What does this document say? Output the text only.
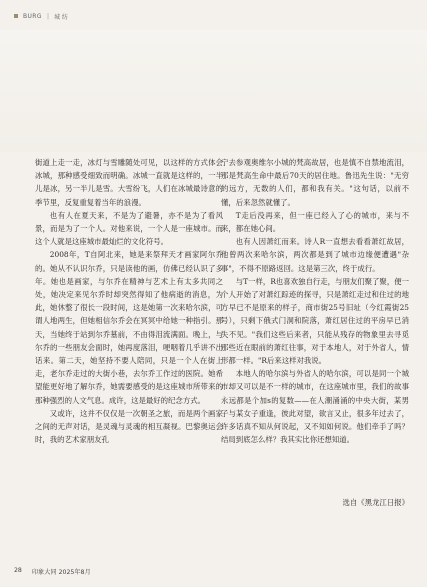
BURG | 城 纺

街道上走一走，冰灯与雪雕随处可见，以这样的方式体会冰城，那种感受细致而明确。冰城一直就是这样的，一半儿是冰，另一半儿是雪。大雪纷飞，人们在冰城最诗意的季节里，反复重复着当年的浪漫。

也有人在夏天来，不是为了避暑，亦不是为了看风景，而是为了一个人。对他来说，一个人是一座城市。而这个人就是这座城市最灿烂的文化符号。

2008年，T自阿北来，她是来祭拜天才画家阿尔乔的。她从不认识尔乔，只是读他的画，仿佛已经认识了多年。她也是画家，与尔乔在精神与艺术上有太多共同之处，她决定来见尔乔时却突然得知了他病逝的消息，为此，她休整了很长一段时间，这是她第一次来哈尔滨，可谓人地两生，但她相信尔乔会在冥冥中给她一种指引。那天，当她终于站到尔乔墓前，不由得泪流满面。晚上，与尔乔的一些朋友会面时，她再度落泪，哽咽着几乎讲不出话来。第二天，她坚持不要人陪同，只是一个人在街上走，老尔乔走过的大街小巷，去尔乔工作过的医院。她希望能更好地了解尔乔，她需要感受的是这座城市所带来的那种强烈的人文气息。成许，这是最好的纪念方式。

又或许，这并不仅仅是一次朝圣之旅，而是两个画家之间的无声对话，是灵魂与灵魂的相互凝视。巴黎奥运会时，我的艺术家朋友孔

宁去参观奥维尔小城的梵高故居，也是慎不自禁地流泪，那是梵高生命中最后70天的居住地。鲁迅先生说："无穷的远方，无数的人们，都和我有关。"这句话，以前不懂，后来忽然就懂了。

T走后没再来，但一座已经入了心的城市，来与不来，都在她心间。

也有人因萧红而来。诗人R一直想去看看萧红故居，他曾两次来哈尔滨，两次都是到了城市边缘便遭遇"杂事"，不得不原路返回。这是第三次，终于成行。

与T一样，R也喜欢独自行走，与朋友们聚了聚，便一个人开始了对萧红踪迹的探寻，只是萧红走过和住过的地方早已不是原来的样子，商市街25号旧址（今红霞街25号），只剩下俄式门洞和院落，萧红居住过的平房早已消失不见。"我们这些后来者，只能从残存的物象里去寻觅那些近在眼前的萧红往事，对于本地人，对于外省人，情形都一样。"R后来这样对我说。

本地人的哈尔滨与外省人的哈尔滨，可以是同一个城市却又可以是不一样的城市，在这座城市里，我们的故事永远都是个加s的复数——在人潮涌涌的中央大街，某男子与某女子重逢，彼此对望，欲言又止，很多年过去了，许多话真不知从何说起，又不知如何说。他们牵手了吗？结局到底怎么样？我其实比你还想知道。

选自《黑龙江日报》
28 印象大同 2025年8月
